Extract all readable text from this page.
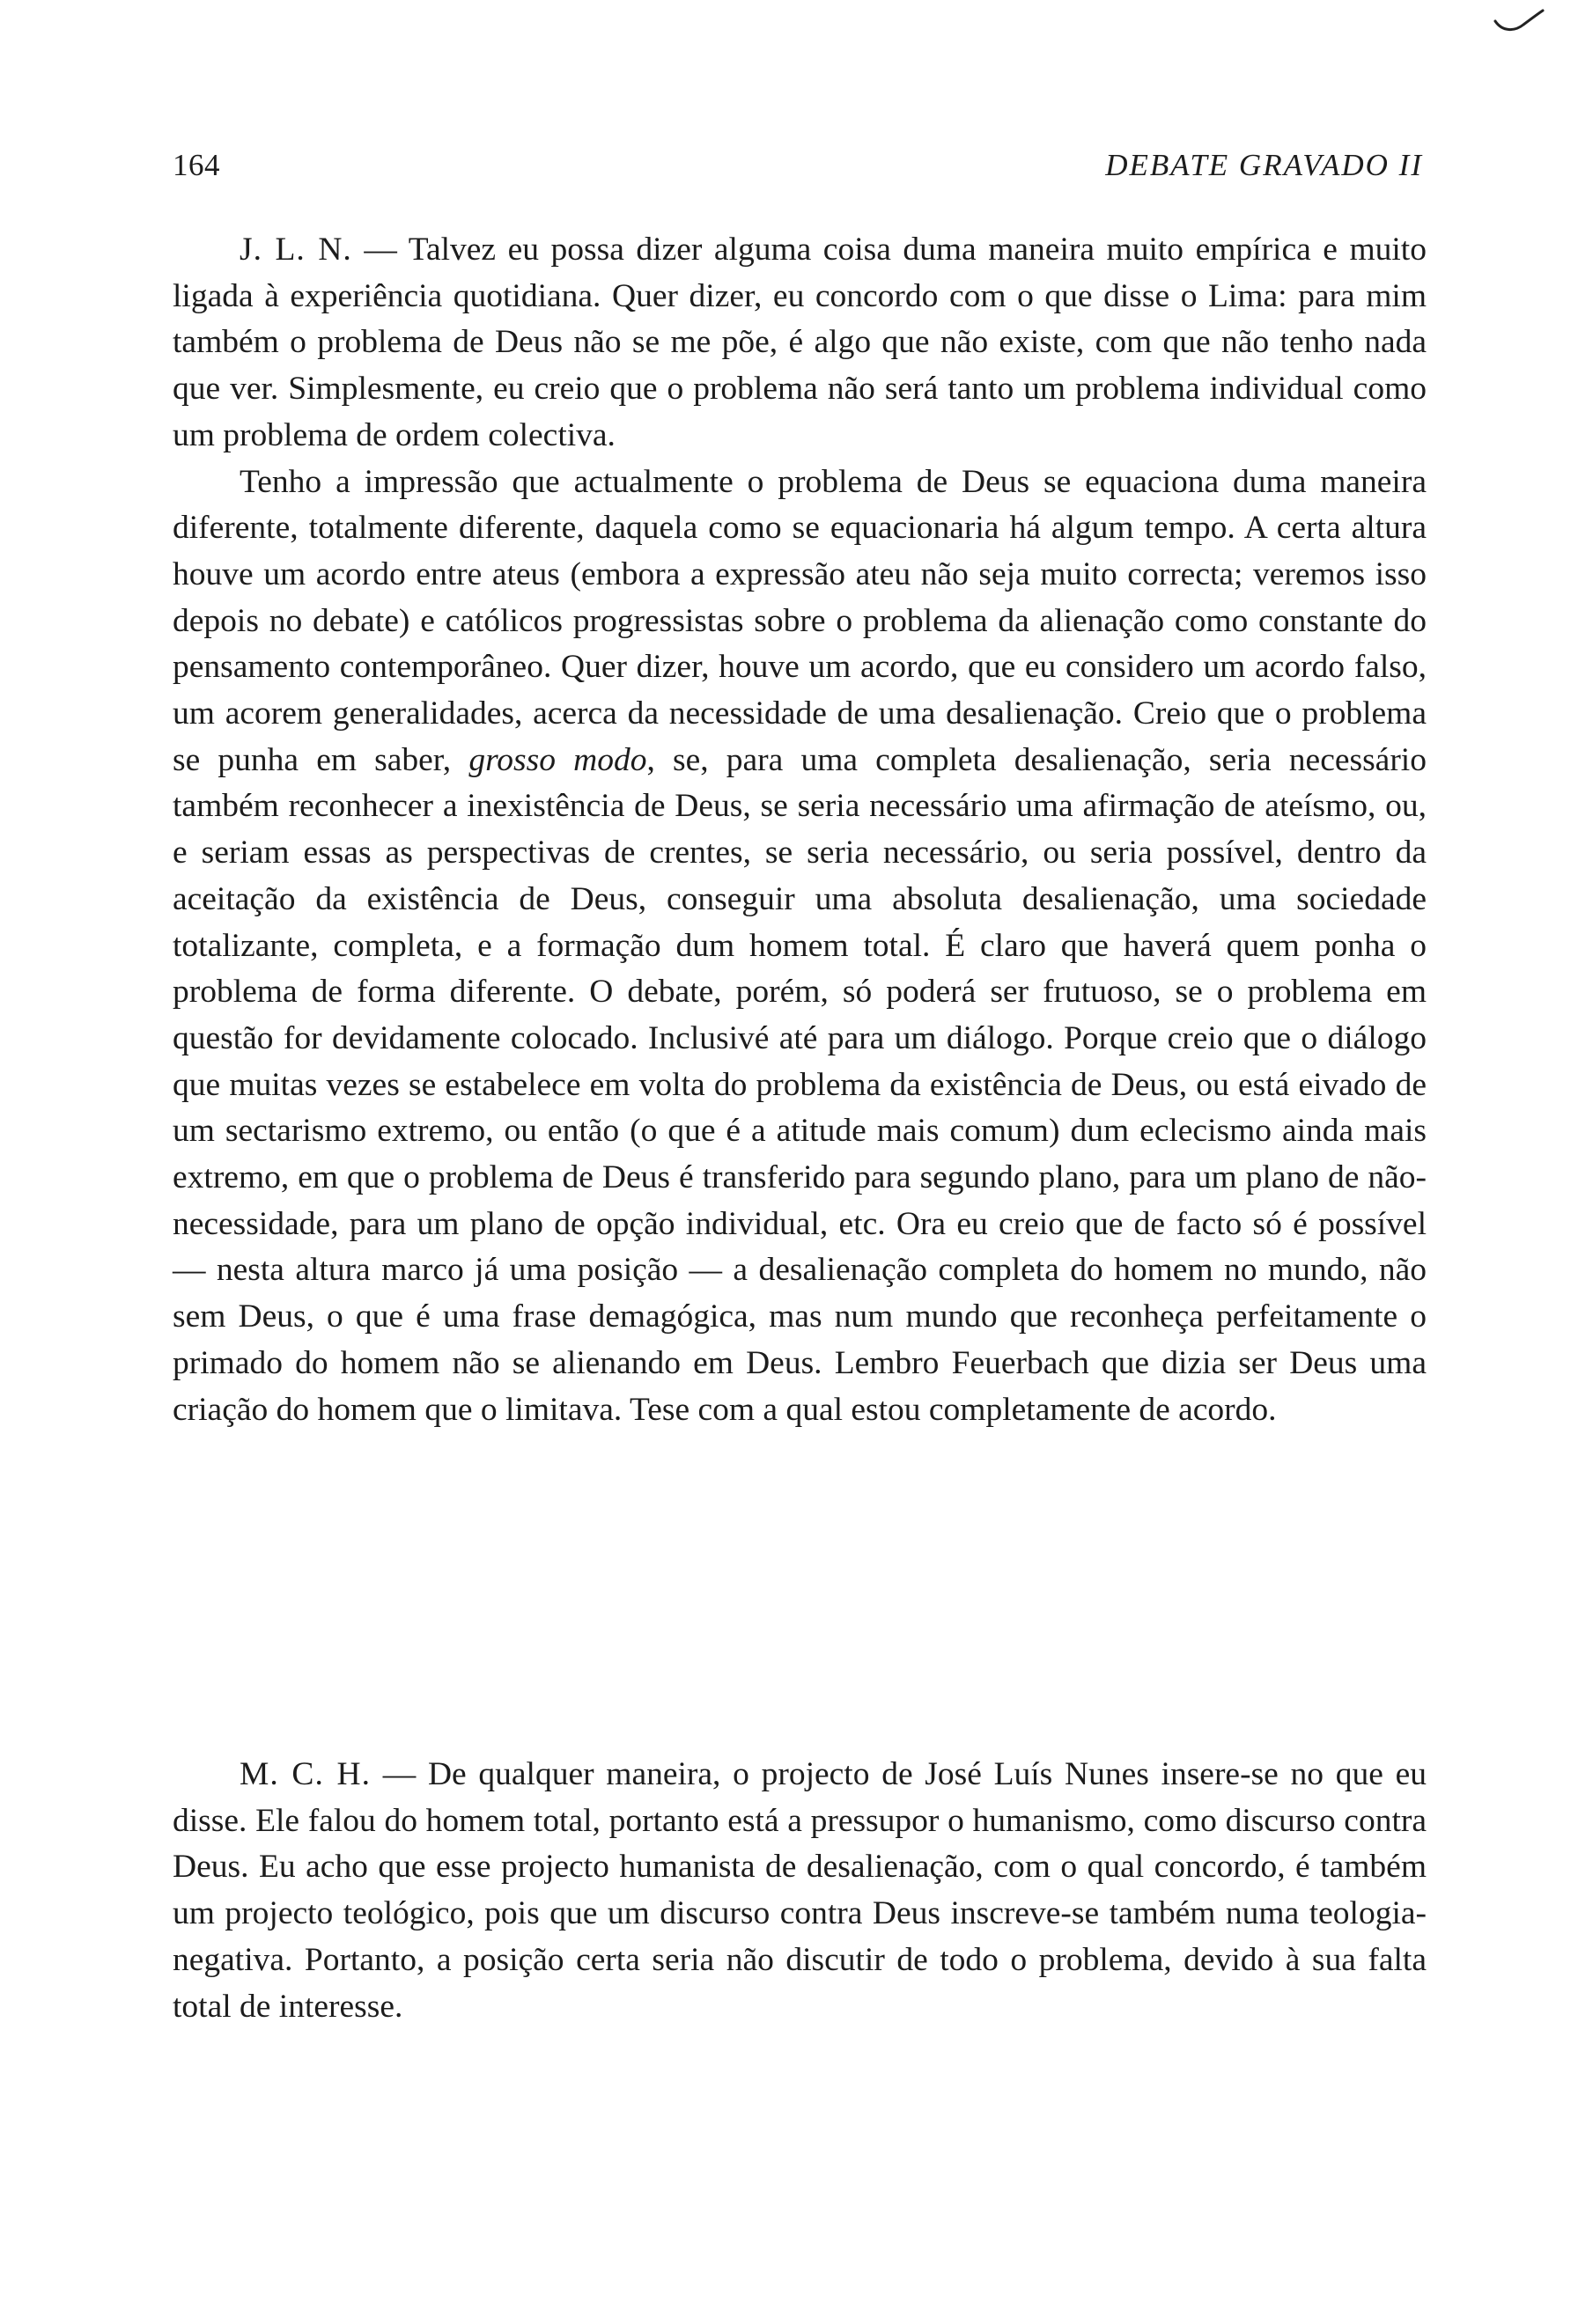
164	DEBATE GRAVADO II

J. L. N. — Talvez eu possa dizer alguma coisa duma maneira muito empírica e muito ligada à experiência quotidiana. Quer dizer, eu concordo com o que disse o Lima: para mim também o problema de Deus não se me põe, é algo que não existe, com que não tenho nada que ver. Simplesmente, eu creio que o problema não será tanto um problema individual como um problema de ordem colectiva.

Tenho a impressão que actualmente o problema de Deus se equaciona duma maneira diferente, totalmente diferente, daquela como se equacionaria há algum tempo. A certa altura houve um acordo entre ateus (embora a expressão ateu não seja muito correcta; veremos isso depois no debate) e católicos progressistas sobre o problema da alienação como constante do pensamento contemporâneo. Quer dizer, houve um acordo, que eu considero um acordo falso, um acorem generalidades, acerca da necessidade de uma desalienação. Creio que o problema se punha em saber, grosso modo, se, para uma completa desalienação, seria necessário também reconhecer a inexistência de Deus, se seria necessário uma afirmação de ateísmo, ou, e seriam essas as perspectivas de crentes, se seria necessário, ou seria possível, dentro da aceitação da existência de Deus, conseguir uma absoluta desalienação, uma sociedade totalizante, completa, e a formação dum homem total. É claro que haverá quem ponha o problema de forma diferente. O debate, porém, só poderá ser frutuoso, se o problema em questão for devidamente colocado. Inclusivé até para um diálogo. Porque creio que o diálogo que muitas vezes se estabelece em volta do problema da existência de Deus, ou está eivado de um sectarismo extremo, ou então (o que é a atitude mais comum) dum eclecismo ainda mais extremo, em que o problema de Deus é transferido para segundo plano, para um plano de não-necessidade, para um plano de opção individual, etc. Ora eu creio que de facto só é possível — nesta altura marco já uma posição — a desalienação completa do homem no mundo, não sem Deus, o que é uma frase demagógica, mas num mundo que reconheça perfeitamente o primado do homem não se alienando em Deus. Lembro Feuerbach que dizia ser Deus uma criação do homem que o limitava. Tese com a qual estou completamente de acordo.

M. C. H. — De qualquer maneira, o projecto de José Luís Nunes insere-se no que eu disse. Ele falou do homem total, portanto está a pressupor o humanismo, como discurso contra Deus. Eu acho que esse projecto humanista de desalienação, com o qual concordo, é também um projecto teológico, pois que um discurso contra Deus inscreve-se também numa teologia-negativa. Portanto, a posição certa seria não discutir de todo o problema, devido à sua falta total de interesse.
